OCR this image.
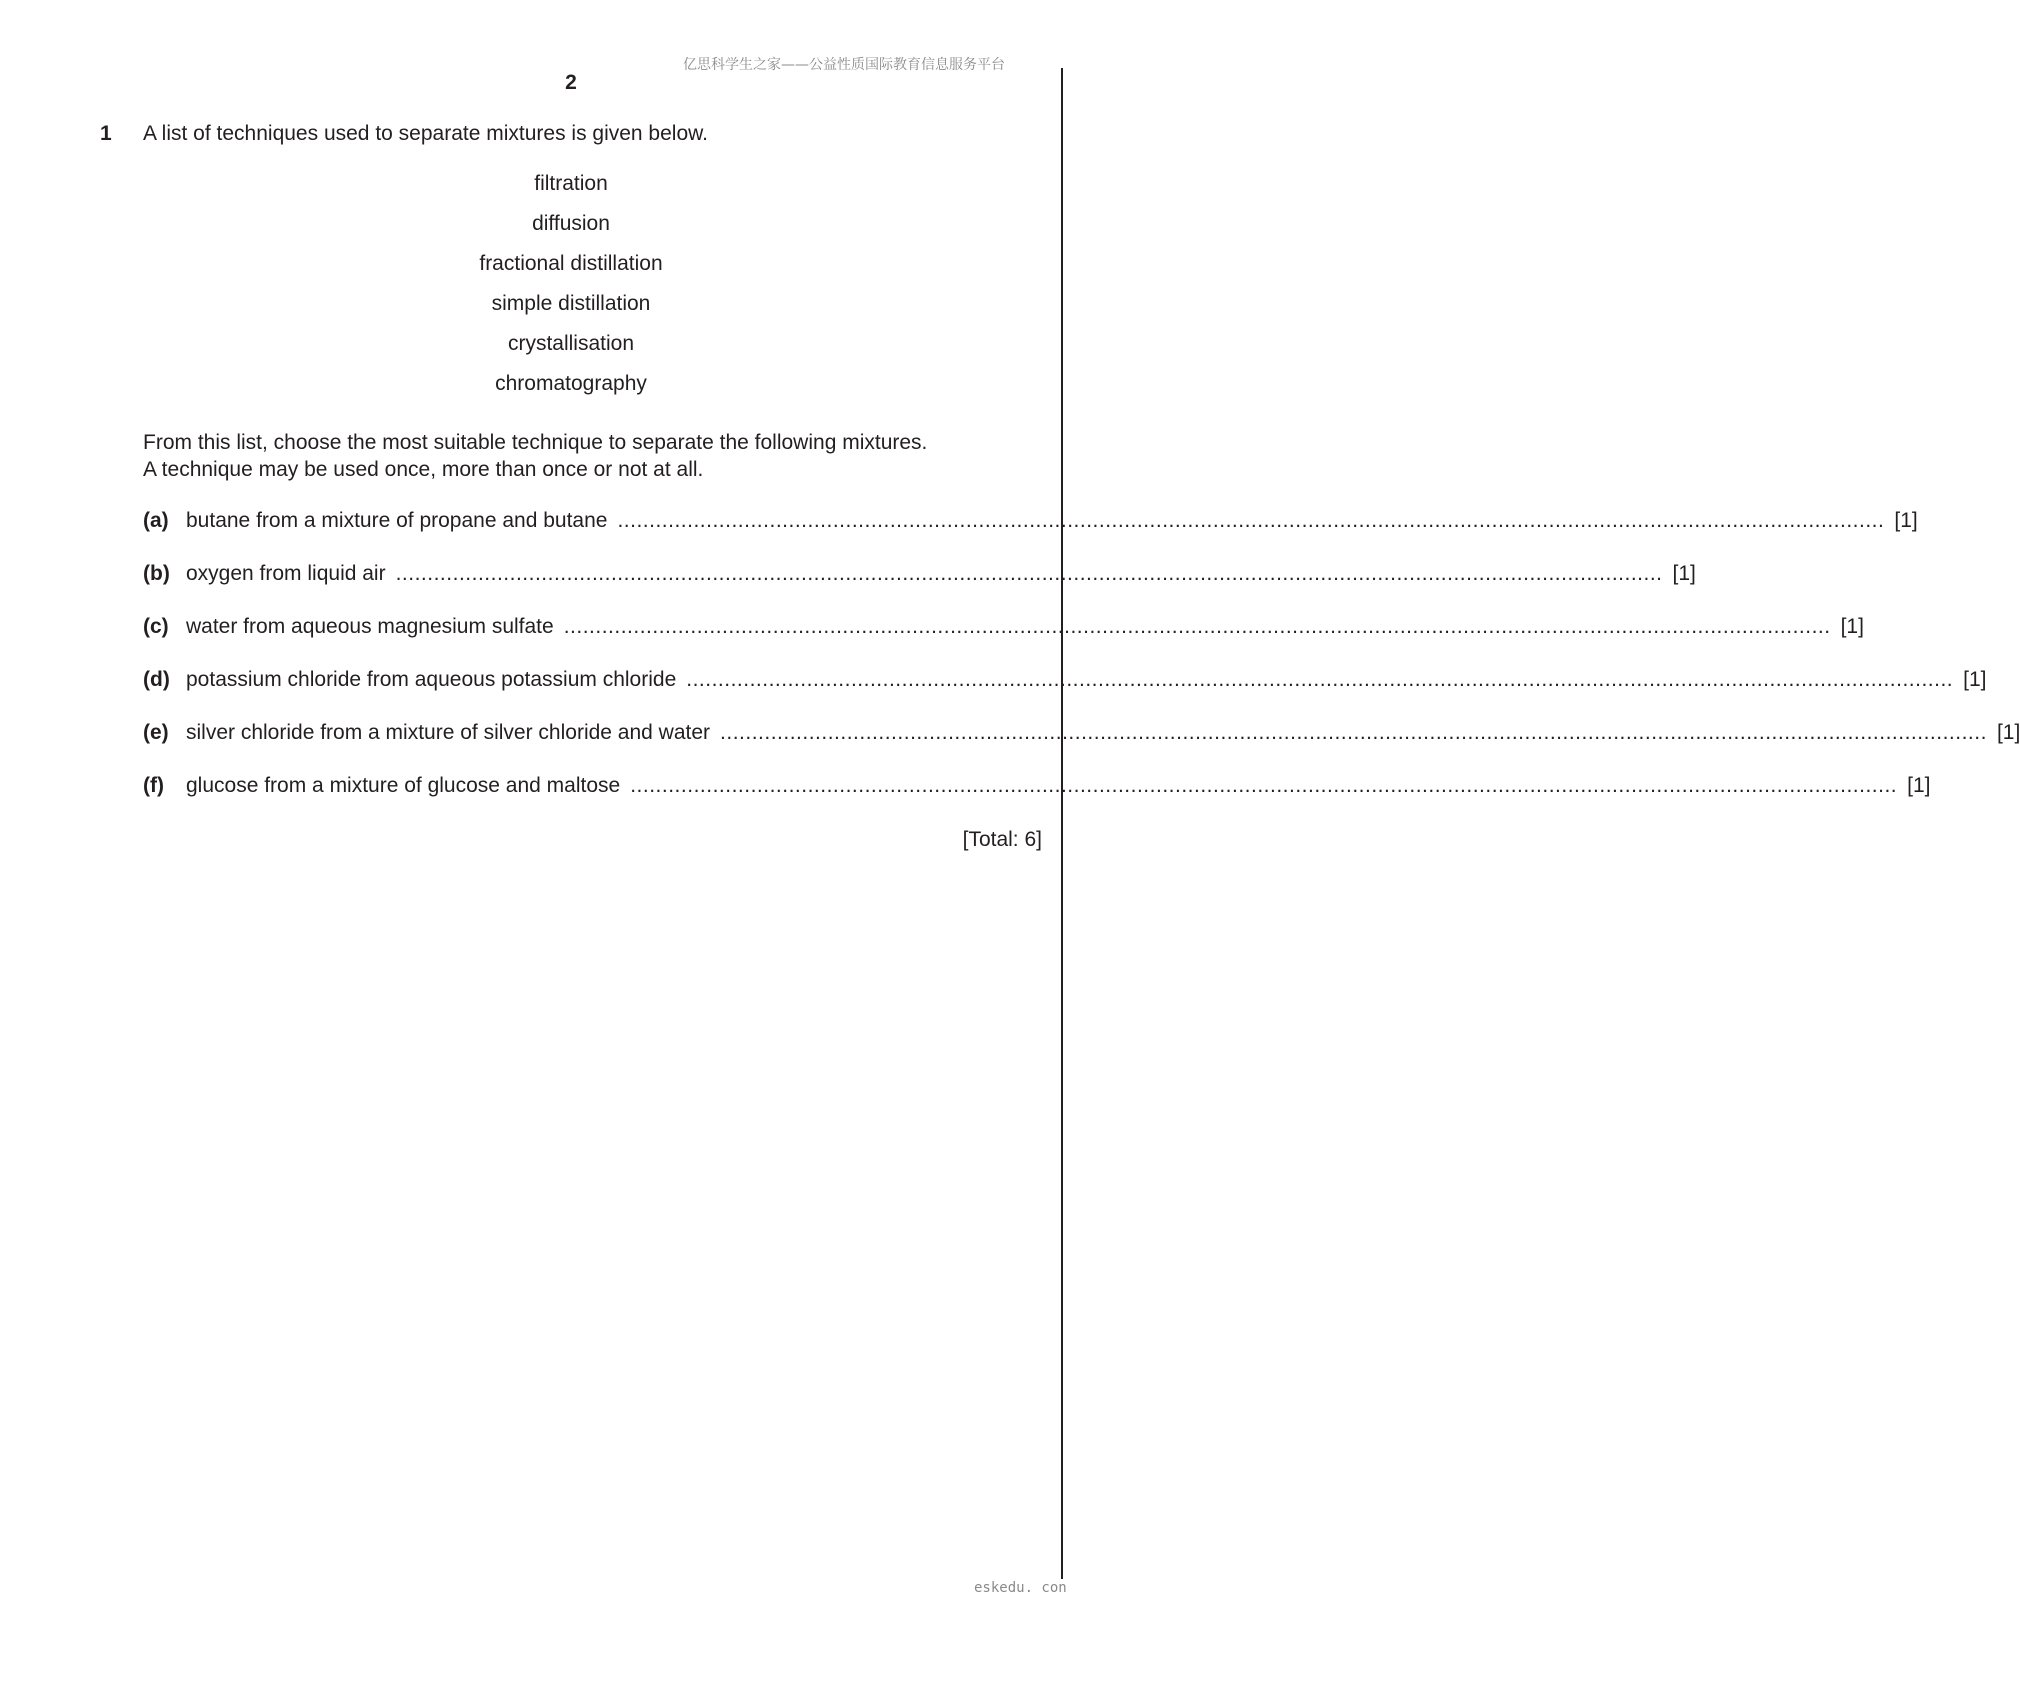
亿思科学生之家——公益性质国际教育信息服务平台
2
1 A list of techniques used to separate mixtures is given below.
filtration
diffusion
fractional distillation
simple distillation
crystallisation
chromatography
From this list, choose the most suitable technique to separate the following mixtures.
A technique may be used once, more than once or not at all.
(a) butane from a mixture of propane and butane ........................................................................................................................................................................................................ [1]
(b) oxygen from liquid air ........................................................................................................................................................................................................ [1]
(c) water from aqueous magnesium sulfate ........................................................................................................................................................................................................ [1]
(d) potassium chloride from aqueous potassium chloride ........................................................................................................................................................................................................ [1]
(e) silver chloride from a mixture of silver chloride and water ........................................................................................................................................................................................................ [1]
(f) glucose from a mixture of glucose and maltose ........................................................................................................................................................................................................ [1]
[Total: 6]
eskedu. con
